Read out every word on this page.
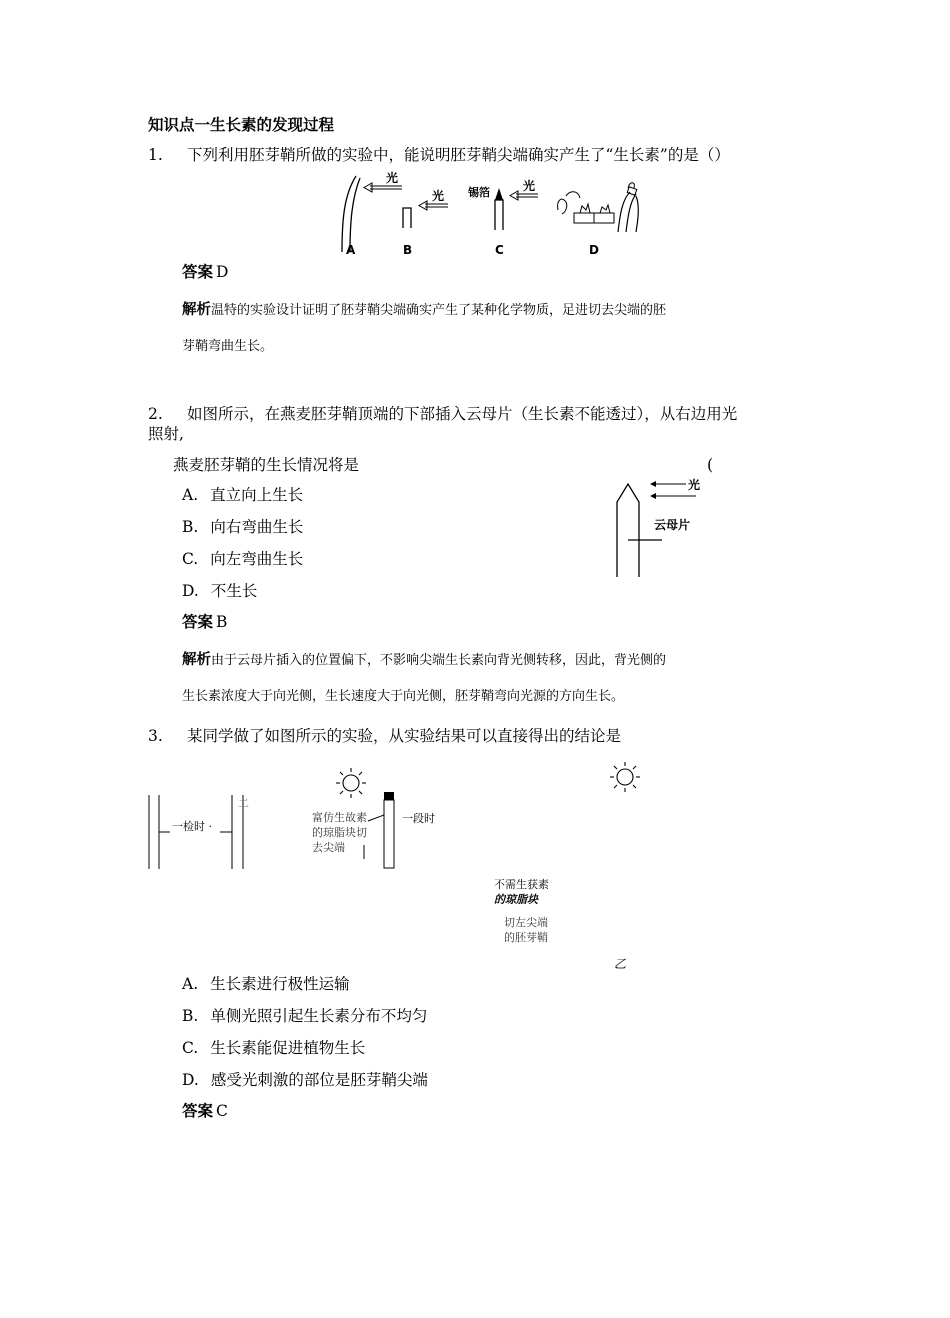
知识点一生长素的发现过程
1. 下列利用胚芽鞘所做的实验中，能说明胚芽鞘尖端确实产生了“生长素”的是（）
光
光 锡箔	光
A	B	C	D
答案 D
解析温特的实验设计证明了胚芽鞘尖端确实产生了某种化学物质，足进切去尖端的胚
芽鞘弯曲生长。
2. 如图所示，在燕麦胚芽鞘顶端的下部插入云母片（生长素不能透过），从右边用光
照射,
燕麦胚芽鞘的生长情况将是	(
A. 直立向上生长
B. 向右弯曲生长
C. 向左弯曲生长
D. 不生长
云母片
光
答案 B
解析由于云母片插入的位置偏下，不影响尖端生长素向背光侧转移，因此，背光侧的
生长素浓度大于向光侧，生长速度大于向光侧，胚芽鞘弯向光源的方向生长。
3. 某同学做了如图所示的实验，从实验结果可以直接得出的结论是
一检时 ·
二
富仿生故素
的琼脂块切
去尖端
一段时
不需生获素
的琼脂块
切左尖端
的胚芽鞘
乙
A. 生长素进行极性运输
B. 单侧光照引起生长素分布不均匀
C. 生长素能促进植物生长
D. 感受光刺激的部位是胚芽鞘尖端
答案 C
